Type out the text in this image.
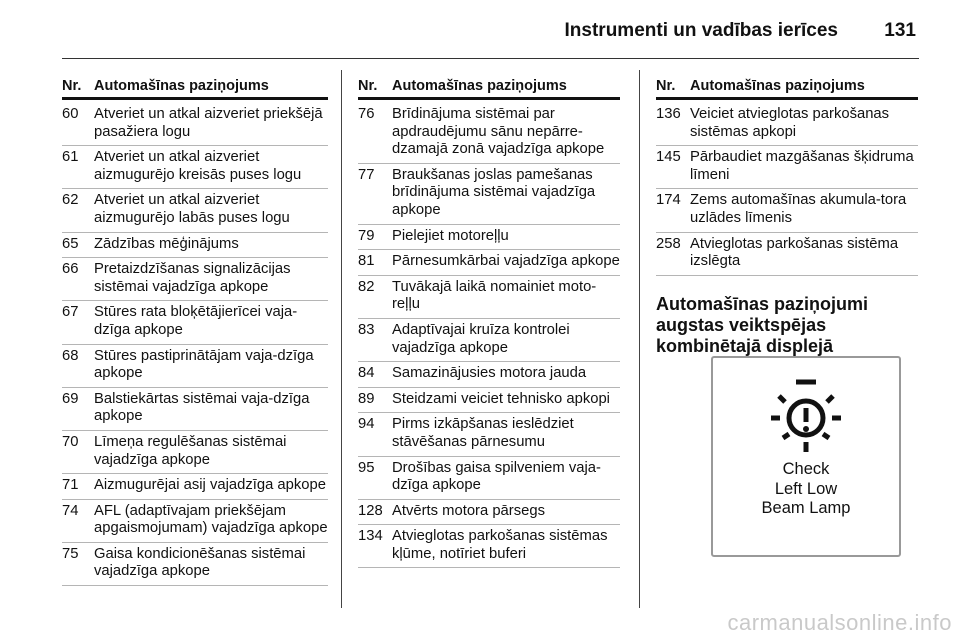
Instrumenti un vadības ierīces 131
Nr. Automašīnas paziņojums
60	Atveriet un atkal aizveriet priekšējā pasažiera logu
61	Atveriet un atkal aizveriet aizmugurējo kreisās puses logu
62	Atveriet un atkal aizveriet aizmugurējo labās puses logu
65	Zādzības mēģinājums
66	Pretaizdzīšanas signalizācijas sistēmai vajadzīga apkope
67	Stūres rata bloķētājierīcei vaja-dzīga apkope
68	Stūres pastiprinātājam vaja-dzīga apkope
69	Balstiekārtas sistēmai vaja-dzīga apkope
70	Līmeņa regulēšanas sistēmai vajadzīga apkope
71	Aizmugurējai asij vajadzīga apkope
74	AFL (adaptīvajam priekšējam apgaismojumam) vajadzīga apkope
75	Gaisa kondicionēšanas sistēmai vajadzīga apkope
Nr.	Automašīnas paziņojums
76	Brīdinājuma sistēmai par apdraudējumu sānu nepārre-dzamajā zonā vajadzīga apkope
77	Braukšanas joslas pamešanas brīdinājuma sistēmai vajadzīga apkope
79	Pielejiet motoreļļu
81	Pārnesumkārbai vajadzīga apkope
82	Tuvākajā laikā nomainiet moto-reļļu
83	Adaptīvajai kruīza kontrolei vajadzīga apkope
84	Samazinājusies motora jauda
89	Steidzami veiciet tehnisko apkopi
94	Pirms izkāpšanas ieslēdziet stāvēšanas pārnesumu
95	Drošības gaisa spilveniem vaja-dzīga apkope
128 Atvērts motora pārsegs
134 Atvieglotas parkošanas sistēmas kļūme, notīriet buferi
Nr.	Automašīnas paziņojums
136 Veiciet atvieglotas parkošanas sistēmas apkopi
145 Pārbaudiet mazgāšanas šķidruma līmeni
174 Zems automašīnas akumula-tora uzlādes līmenis
258 Atvieglotas parkošanas sistēma izslēgta
Automašīnas paziņojumi augstas veiktspējas kombinētajā displejā
Check
Left Low
Beam Lamp
carmanualsonline.info
